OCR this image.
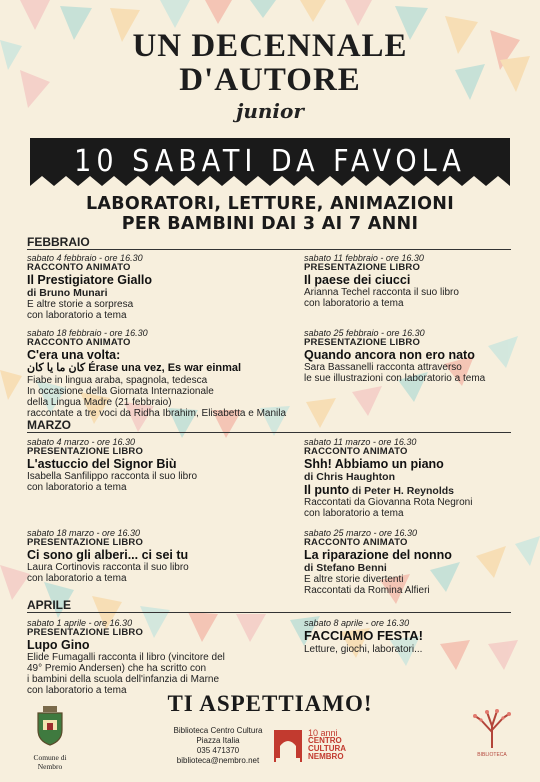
UN DECENNALE
D'AUTORE
junior
10 SABATI DA FAVOLA
LABORATORI, LETTURE, ANIMAZIONI
PER BAMBINI DAI 3 AI 7 ANNI
FEBBRAIO
sabato 4 febbraio - ore 16.30
RACCONTO ANIMATO
Il Prestigiatore Giallo
di Bruno Munari
E altre storie a sorpresa
con laboratorio a tema
sabato 11 febbraio - ore 16.30
PRESENTAZIONE LIBRO
Il paese dei ciucci
Arianna Techel racconta il suo libro
con laboratorio a tema
sabato 18 febbraio - ore 16.30
RACCONTO ANIMATO
C'era una volta:
كان ما يا كان Érase una vez, Es war einmal
Fiabe in lingua araba, spagnola, tedesca
In occasione della Giornata Internazionale
della Lingua Madre (21 febbraio)
raccontate a tre voci da Ridha Ibrahim, Elisabetta e Manila
sabato 25 febbraio - ore 16.30
PRESENTAZIONE LIBRO
Quando ancora non ero nato
Sara Bassanelli racconta attraverso
le sue illustrazioni con laboratorio a tema
MARZO
sabato 4 marzo - ore 16.30
PRESENTAZIONE LIBRO
L'astuccio del Signor Biù
Isabella Sanfilippo racconta il suo libro
con laboratorio a tema
sabato 11 marzo - ore 16.30
RACCONTO ANIMATO
Shh! Abbiamo un piano
di Chris Haughton
Il punto di Peter H. Reynolds
Raccontati da Giovanna Rota Negroni
con laboratorio a tema
sabato 18 marzo - ore 16.30
PRESENTAZIONE LIBRO
Ci sono gli alberi... ci sei tu
Laura Cortinovis racconta il suo libro
con laboratorio a tema
sabato 25 marzo - ore 16.30
RACCONTO ANIMATO
La riparazione del nonno
di Stefano Benni
E altre storie divertenti
Raccontati da Romina Alfieri
APRILE
sabato 1 aprile - ore 16.30
PRESENTAZIONE LIBRO
Lupo Gino
Elide Fumagalli racconta il libro (vincitore del
49° Premio Andersen) che ha scritto con
i bambini della scuola dell'infanzia di Marne
con laboratorio a tema
sabato 8 aprile - ore 16.30
FACCIAMO FESTA!
Letture, giochi, laboratori...
TI ASPETTIAMO!
Comune di Nembro
Biblioteca Centro Cultura
Piazza Italia
035 471370
biblioteca@nembro.net
10 anni
CENTRO
CULTURA
NEMBRO	BIBLIOTECA
